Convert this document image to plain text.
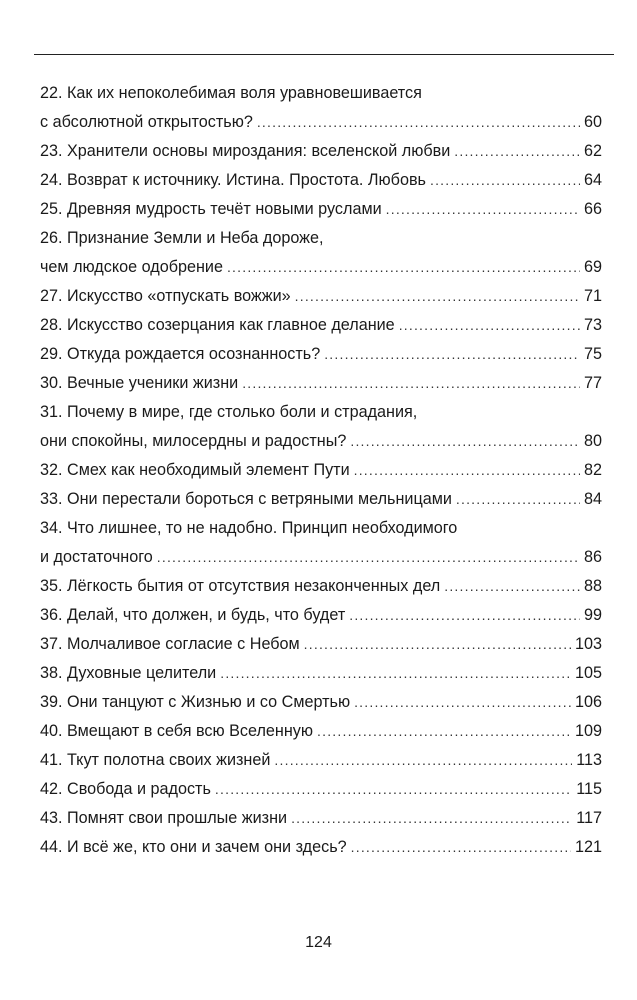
22. Как их непоколебимая воля уравновешивается
с абсолютной открытостью? .....	60
23. Хранители основы мироздания: вселенской любви .....	62
24. Возврат к источнику. Истина. Простота. Любовь .....	64
25. Древняя мудрость течёт новыми руслами .....	66
26. Признание Земли и Неба дороже,
чем людское одобрение .....	69
27. Искусство «отпускать вожжи» .....	71
28. Искусство созерцания как главное делание .....	73
29. Откуда рождается осознанность? .....	75
30. Вечные ученики жизни .....	77
31. Почему в мире, где столько боли и страдания,
они спокойны, милосердны и радостны? .....	80
32. Смех как необходимый элемент Пути .....	82
33. Они перестали бороться с ветряными мельницами .....	84
34. Что лишнее, то не надобно. Принцип необходимого
и достаточного .....	86
35. Лёгкость бытия от отсутствия незаконченных дел .....	88
36. Делай, что должен, и будь, что будет .....	99
37. Молчаливое согласие с Небом .....	103
38. Духовные целители .....	105
39. Они танцуют с Жизнью и со Смертью .....	106
40. Вмещают в себя всю Вселенную .....	109
41. Ткут полотна своих жизней .....	113
42. Свобода и радость .....	115
43. Помнят свои прошлые жизни .....	117
44. И всё же, кто они и зачем они здесь? .....	121
124
